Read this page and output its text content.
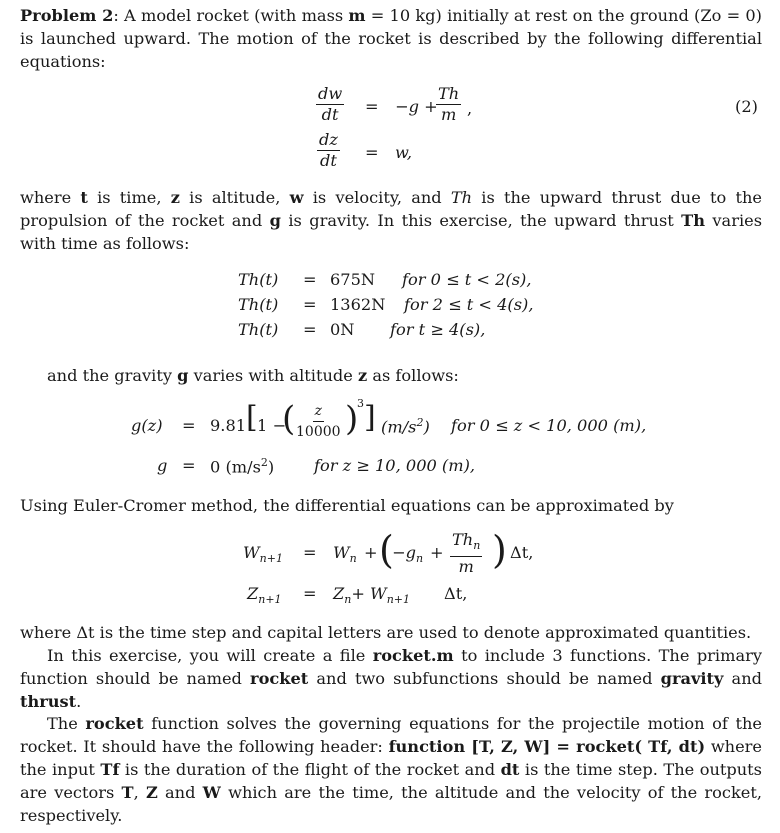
Problem 2: A model rocket (with mass m = 10 kg) initially at rest on the ground (Zo = 0) is launched upward. The motion of the rocket is described by the following differential equations:

$\frac{dw}{dt} = -g$ +
$\frac{Th}{m}$ ,	(2)
$\frac{dz}{dt} = w$,

where t is time, z is altitude, w is velocity, and Th is the upward thrust due to the propulsion of the rocket and g is gravity. In this exercise, the upward thrust Th varies with time as follows:

Th(t) = 675N for 0 ≤ t < 2(s),
Th(t) = 1362N for 2 ≤ t < 4(s),
Th(t) = 0N for t ≥ 4(s),

and the gravity g varies with altitude z as follows:

g(z) = 9.81 [ 1 −
(
$\frac{z}{10000}$ )
3 ] $(m/s^2)$ for 0 ≤ z < 10, 000 (m),
g = 0 $(m/s^2)$ for z ≥ 10, 000 (m),

Using Euler-Cromer method, the differential equations can be approximated by

$W_{n+1} = W_n$ + (
$-g_n$ +
$Th_n$
m ) Δt,
$Z_{n+1} = Z_n+ W_{n+1}$ Δt,

where Δt is the time step and capital letters are used to denote approximated quantities.

In this exercise, you will create a file rocket.m to include 3 functions. The primary function should be named rocket and two subfunctions should be named gravity and thrust.

The rocket function solves the governing equations for the projectile motion of the rocket. It should have the following header: function [T, Z, W] = rocket( Tf, dt) where the input Tf is the duration of the flight of the rocket and dt is the time step. The outputs are vectors T, Z and W which are the time, the altitude and the velocity of the rocket, respectively.
